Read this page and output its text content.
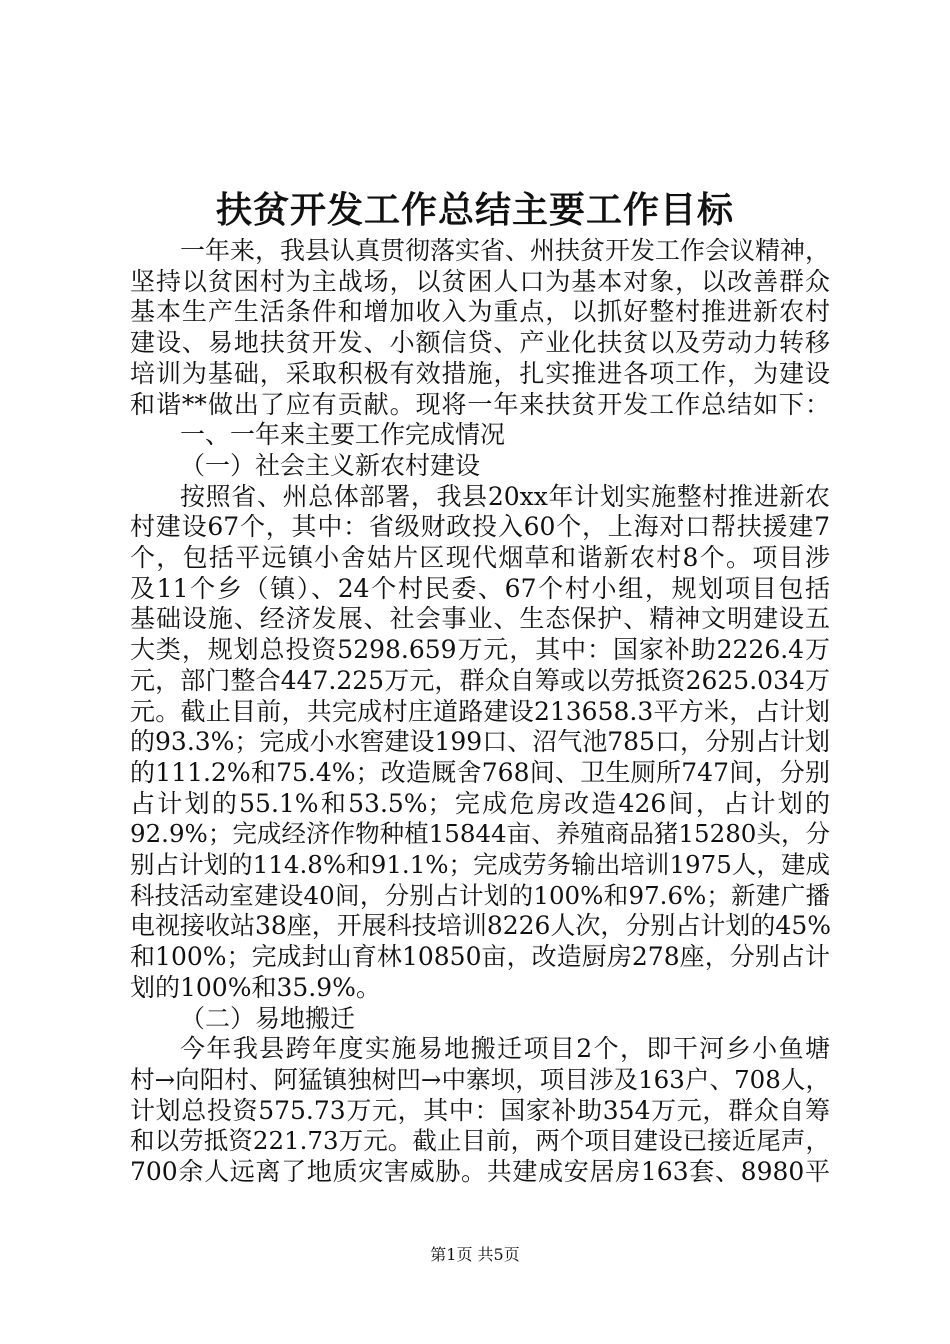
扶贫开发工作总结主要工作目标
一年来，我县认真贯彻落实省、州扶贫开发工作会议精神，
坚持以贫困村为主战场，以贫困人口为基本对象，以改善群众
基本生产生活条件和增加收入为重点，以抓好整村推进新农村
建设、易地扶贫开发、小额信贷、产业化扶贫以及劳动力转移
培训为基础，采取积极有效措施，扎实推进各项工作，为建设
和谐**做出了应有贡献。现将一年来扶贫开发工作总结如下：
一、一年来主要工作完成情况
（一）社会主义新农村建设
按照省、州总体部署，我县20xx年计划实施整村推进新农
村建设67个，其中：省级财政投入60个，上海对口帮扶援建7
个，包括平远镇小舍姑片区现代烟草和谐新农村8个。项目涉
及11个乡（镇）、24个村民委、67个村小组，规划项目包括
基础设施、经济发展、社会事业、生态保护、精神文明建设五
大类，规划总投资5298.659万元，其中：国家补助2226.4万
元，部门整合447.225万元，群众自筹或以劳抵资2625.034万
元。截止目前，共完成村庄道路建设213658.3平方米，占计划
的93.3%；完成小水窖建设199口、沼气池785口，分别占计划
的111.2%和75.4%；改造厩舍768间、卫生厕所747间，分别
占计划的55.1%和53.5%；完成危房改造426间，占计划的
92.9%；完成经济作物种植15844亩、养殖商品猪15280头，分
别占计划的114.8%和91.1%；完成劳务输出培训1975人，建成
科技活动室建设40间，分别占计划的100%和97.6%；新建广播
电视接收站38座，开展科技培训8226人次，分别占计划的45%
和100%；完成封山育林10850亩，改造厨房278座，分别占计
划的100%和35.9%。
（二）易地搬迁
今年我县跨年度实施易地搬迁项目2个，即干河乡小鱼塘
村→向阳村、阿猛镇独树凹→中寨坝，项目涉及163户、708人，
计划总投资575.73万元，其中：国家补助354万元，群众自筹
和以劳抵资221.73万元。截止目前，两个项目建设已接近尾声，
700余人远离了地质灾害威胁。共建成安居房163套、8980平
第1页 共5页
